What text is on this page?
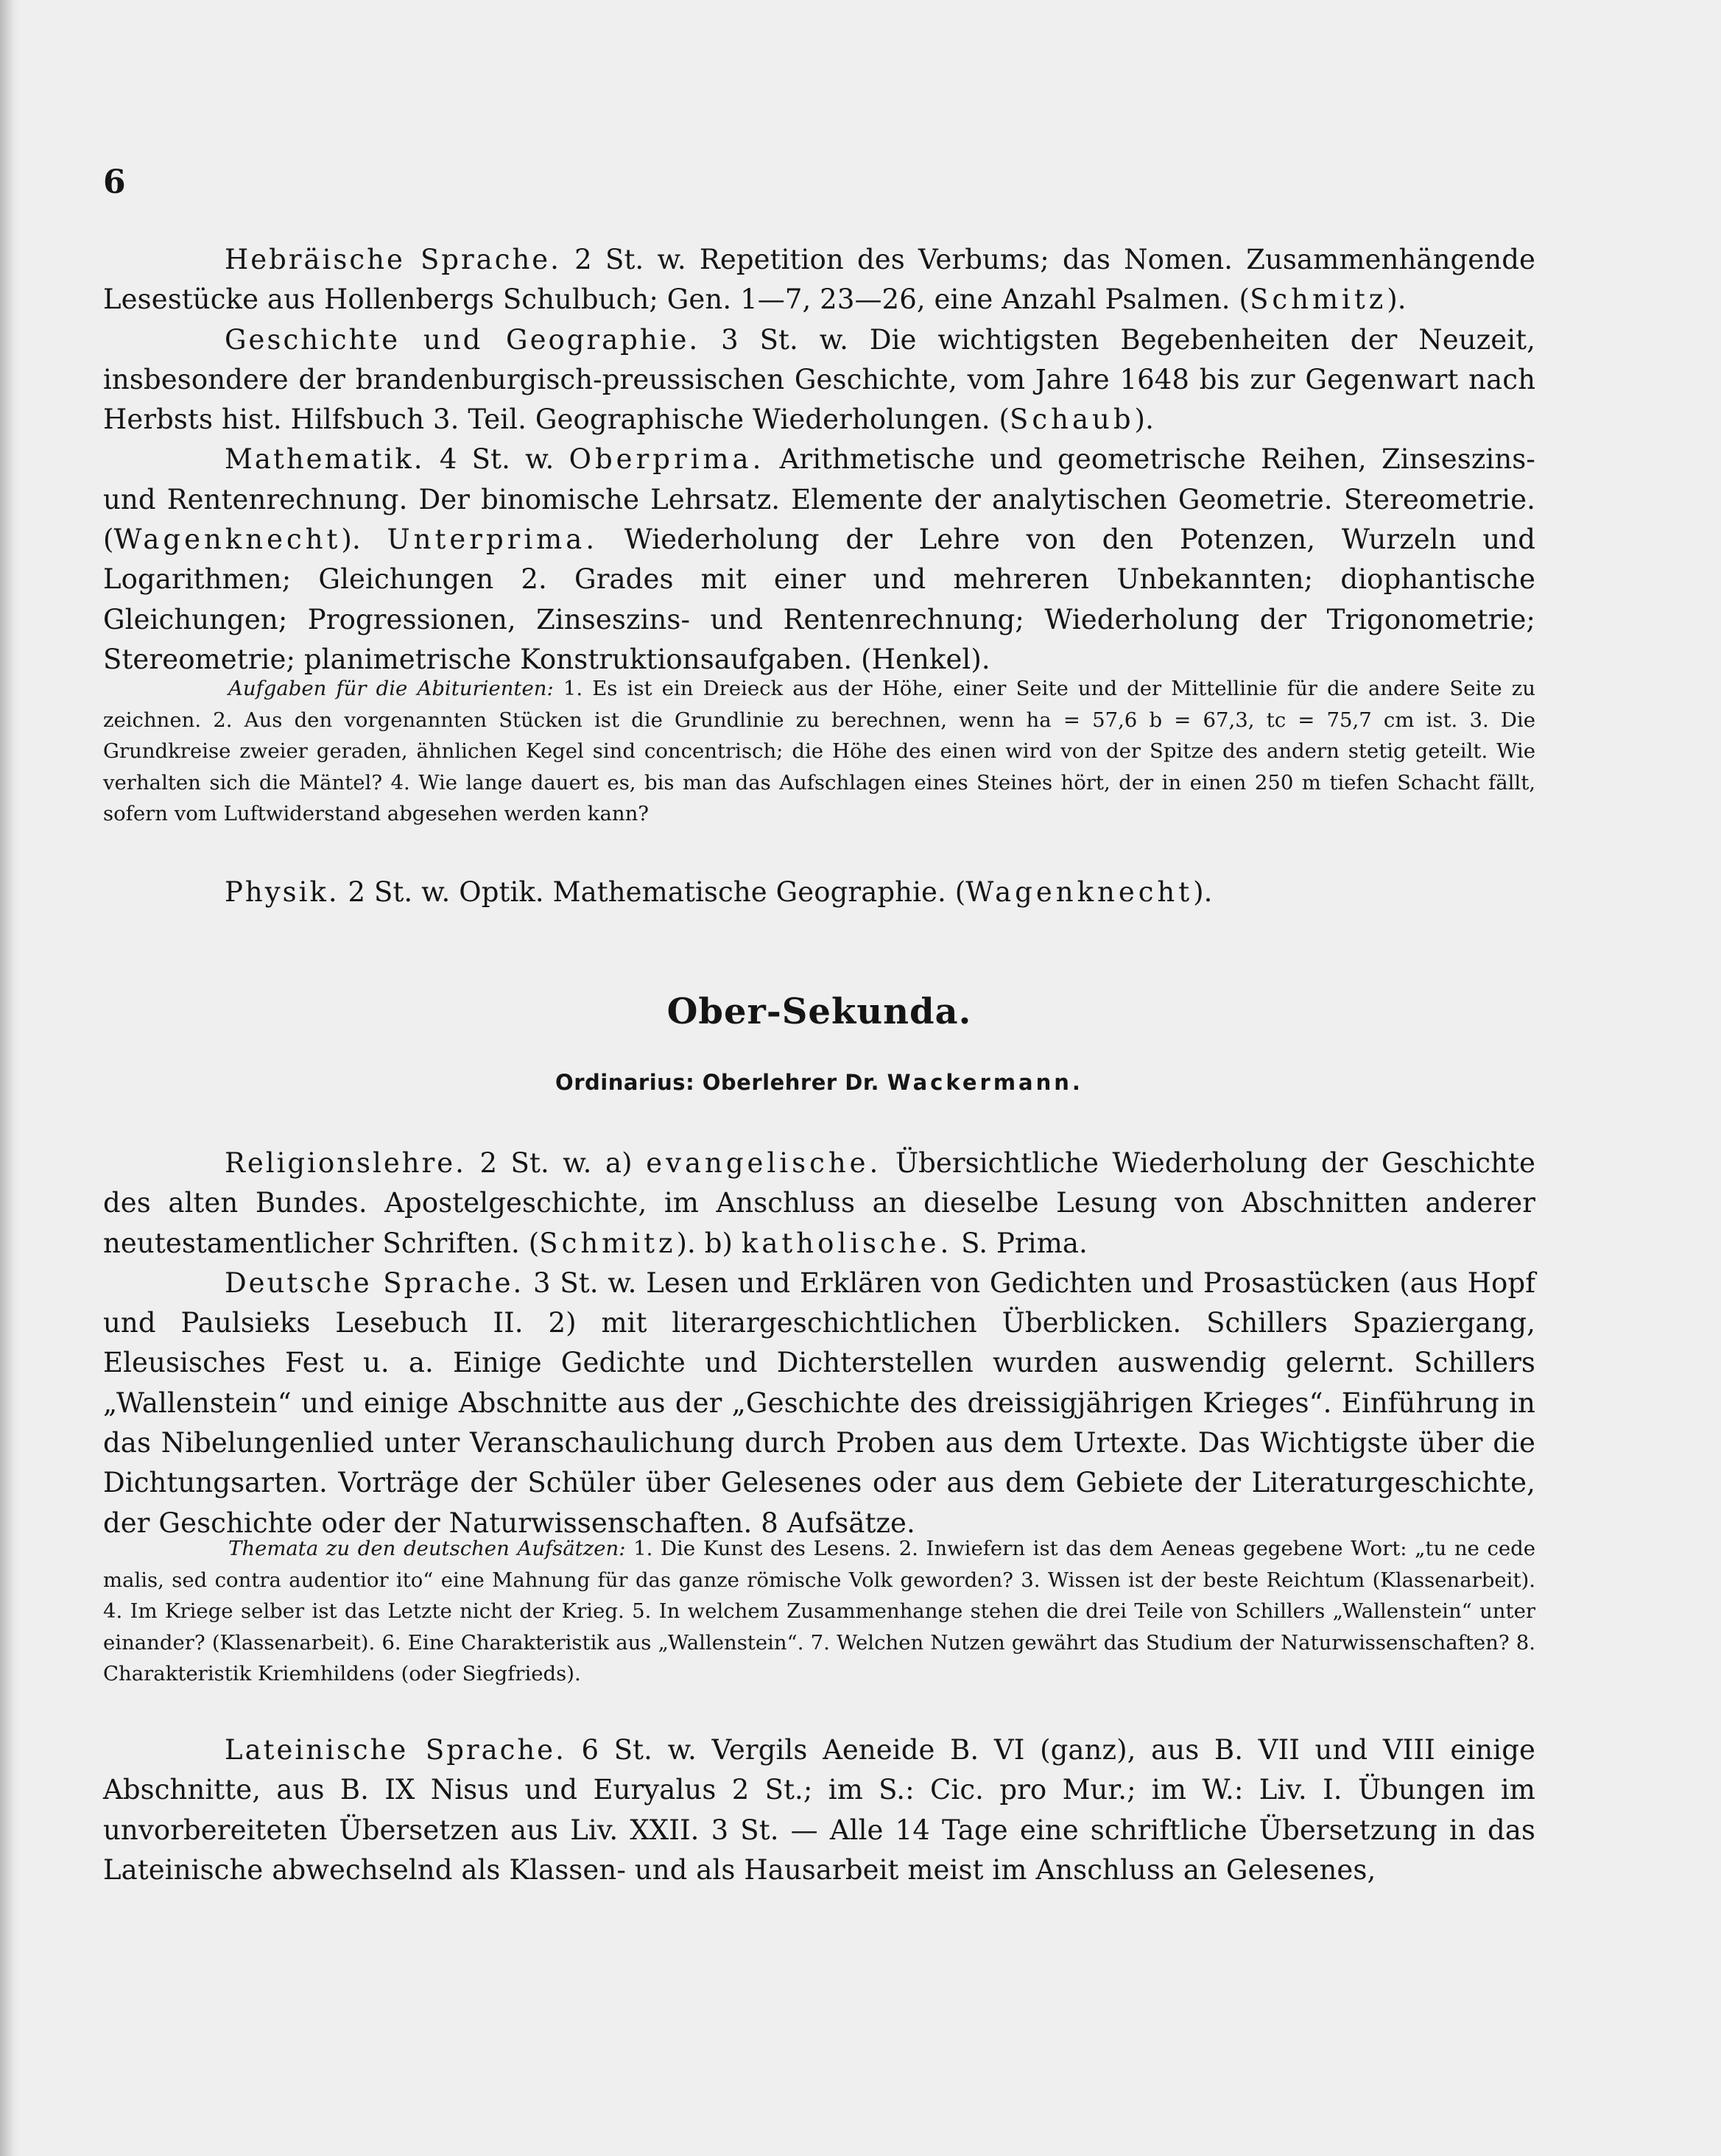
6

Hebräische Sprache. 2 St. w. Repetition des Verbums; das Nomen. Zusammenhängende Lesestücke aus Hollenbergs Schulbuch; Gen. 1—7, 23—26, eine Anzahl Psalmen. (Schmitz).

Geschichte und Geographie. 3 St. w. Die wichtigsten Begebenheiten der Neuzeit, insbesondere der brandenburgisch-preussischen Geschichte, vom Jahre 1648 bis zur Gegenwart nach Herbsts hist. Hilfsbuch 3. Teil. Geographische Wiederholungen. (Schaub).

Mathematik. 4 St. w. Oberprima. Arithmetische und geometrische Reihen, Zinseszins- und Rentenrechnung. Der binomische Lehrsatz. Elemente der analytischen Geometrie. Stereometrie. (Wagenknecht). Unterprima. Wiederholung der Lehre von den Potenzen, Wurzeln und Logarithmen; Gleichungen 2. Grades mit einer und mehreren Unbekannten; diophantische Gleichungen; Progressionen, Zinseszins- und Rentenrechnung; Wiederholung der Trigonometrie; Stereometrie; planimetrische Konstruktionsaufgaben. (Henkel).

Aufgaben für die Abiturienten: 1. Es ist ein Dreieck aus der Höhe, einer Seite und der Mittellinie für die andere Seite zu zeichnen. 2. Aus den vorgenannten Stücken ist die Grundlinie zu berechnen, wenn ha = 57,6 b = 67,3, tc = 75,7 cm ist. 3. Die Grundkreise zweier geraden, ähnlichen Kegel sind concentrisch; die Höhe des einen wird von der Spitze des andern stetig geteilt. Wie verhalten sich die Mäntel? 4. Wie lange dauert es, bis man das Aufschlagen eines Steines hört, der in einen 250 m tiefen Schacht fällt, sofern vom Luftwiderstand abgesehen werden kann?

Physik. 2 St. w. Optik. Mathematische Geographie. (Wagenknecht).

Ober-Sekunda.
Ordinarius: Oberlehrer Dr. Wackermann.

Religionslehre. 2 St. w. a) evangelische. Übersichtliche Wiederholung der Geschichte des alten Bundes. Apostelgeschichte, im Anschluss an dieselbe Lesung von Abschnitten anderer neutestamentlicher Schriften. (Schmitz). b) katholische. S. Prima.

Deutsche Sprache. 3 St. w. Lesen und Erklären von Gedichten und Prosastücken (aus Hopf und Paulsieks Lesebuch II. 2) mit literargeschichtlichen Überblicken. Schillers Spaziergang, Eleusisches Fest u. a. Einige Gedichte und Dichterstellen wurden auswendig gelernt. Schillers „Wallenstein“ und einige Abschnitte aus der „Geschichte des dreissigjährigen Krieges“. Einführung in das Nibelungenlied unter Veranschaulichung durch Proben aus dem Urtexte. Das Wichtigste über die Dichtungsarten. Vorträge der Schüler über Gelesenes oder aus dem Gebiete der Literaturgeschichte, der Geschichte oder der Naturwissenschaften. 8 Aufsätze.

Themata zu den deutschen Aufsätzen: 1. Die Kunst des Lesens. 2. Inwiefern ist das dem Aeneas gegebene Wort: „tu ne cede malis, sed contra audentior ito“ eine Mahnung für das ganze römische Volk geworden? 3. Wissen ist der beste Reichtum (Klassenarbeit). 4. Im Kriege selber ist das Letzte nicht der Krieg. 5. In welchem Zusammenhange stehen die drei Teile von Schillers „Wallenstein“ unter einander? (Klassenarbeit). 6. Eine Charakteristik aus „Wallenstein“. 7. Welchen Nutzen gewährt das Studium der Naturwissenschaften? 8. Charakteristik Kriemhildens (oder Siegfrieds).

Lateinische Sprache. 6 St. w. Vergils Aeneide B. VI (ganz), aus B. VII und VIII einige Abschnitte, aus B. IX Nisus und Euryalus 2 St.; im S.: Cic. pro Mur.; im W.: Liv. I. Übungen im unvorbereiteten Übersetzen aus Liv. XXII. 3 St. — Alle 14 Tage eine schriftliche Übersetzung in das Lateinische abwechselnd als Klassen- und als Hausarbeit meist im Anschluss an Gelesenes,
